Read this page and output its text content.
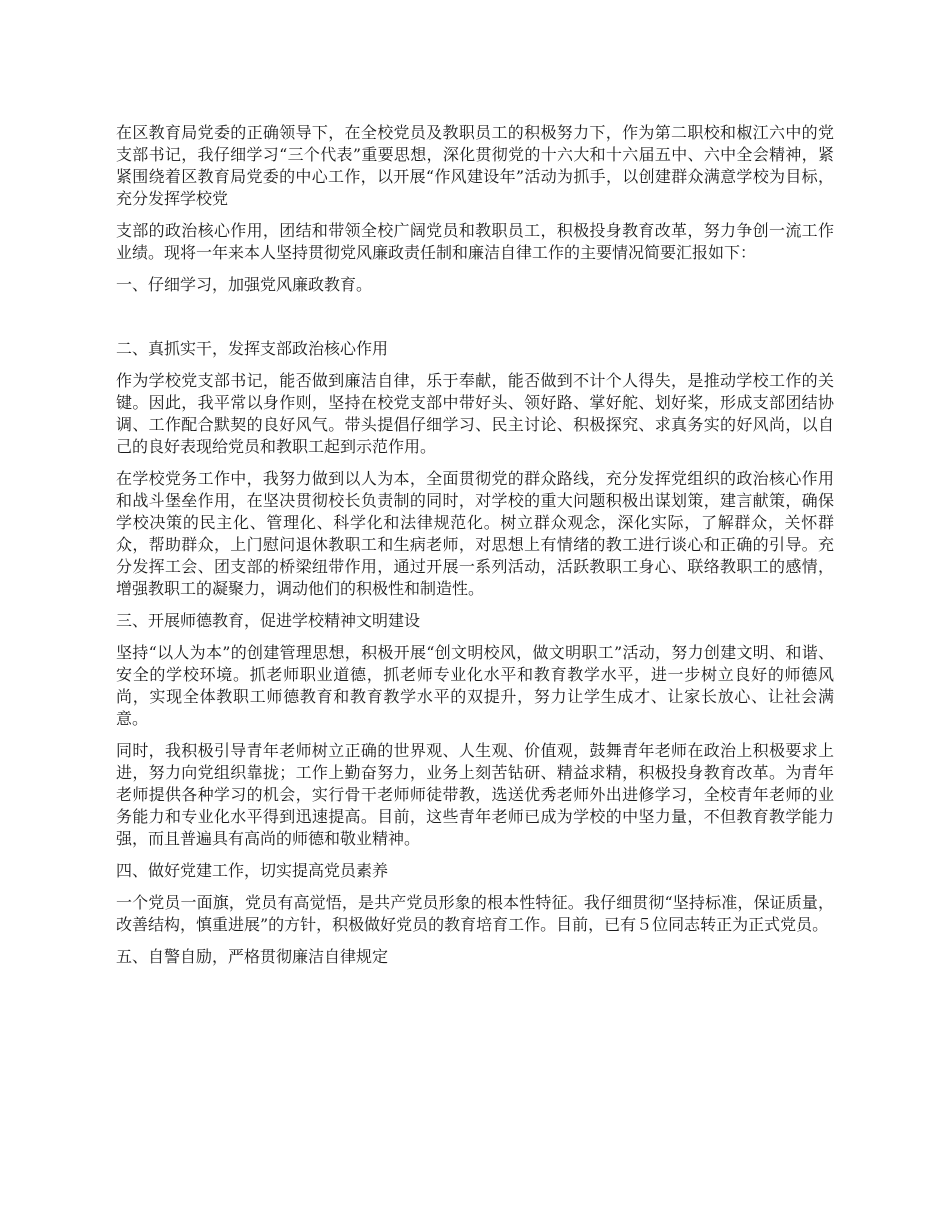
在区教育局党委的正确领导下，在全校党员及教职员工的积极努力下，作为第二职校和椒江六中的党支部书记，我仔细学习“三个代表”重要思想，深化贯彻党的十六大和十六届五中、六中全会精神，紧紧围绕着区教育局党委的中心工作，以开展“作风建设年”活动为抓手，以创建群众满意学校为目标，充分发挥学校党

支部的政治核心作用，团结和带领全校广阔党员和教职员工，积极投身教育改革，努力争创一流工作业绩。现将一年来本人坚持贯彻党风廉政责任制和廉洁自律工作的主要情况简要汇报如下：

一、仔细学习，加强党风廉政教育。

二、真抓实干，发挥支部政治核心作用

作为学校党支部书记，能否做到廉洁自律，乐于奉献，能否做到不计个人得失，是推动学校工作的关键。因此，我平常以身作则，坚持在校党支部中带好头、领好路、掌好舵、划好桨，形成支部团结协调、工作配合默契的良好风气。带头提倡仔细学习、民主讨论、积极探究、求真务实的好风尚，以自己的良好表现给党员和教职工起到示范作用。

在学校党务工作中，我努力做到以人为本，全面贯彻党的群众路线，充分发挥党组织的政治核心作用和战斗堡垒作用，在坚决贯彻校长负责制的同时，对学校的重大问题积极出谋划策，建言献策，确保学校决策的民主化、管理化、科学化和法律规范化。树立群众观念，深化实际，了解群众，关怀群众，帮助群众，上门慰问退休教职工和生病老师，对思想上有情绪的教工进行谈心和正确的引导。充分发挥工会、团支部的桥梁纽带作用，通过开展一系列活动，活跃教职工身心、联络教职工的感情，增强教职工的凝聚力，调动他们的积极性和制造性。

三、开展师德教育，促进学校精神文明建设

坚持“以人为本”的创建管理思想，积极开展“创文明校风，做文明职工”活动，努力创建文明、和谐、安全的学校环境。抓老师职业道德，抓老师专业化水平和教育教学水平，进一步树立良好的师德风尚，实现全体教职工师德教育和教育教学水平的双提升，努力让学生成才、让家长放心、让社会满意。

同时，我积极引导青年老师树立正确的世界观、人生观、价值观，鼓舞青年老师在政治上积极要求上进，努力向党组织靠拢；工作上勤奋努力，业务上刻苦钻研、精益求精，积极投身教育改革。为青年老师提供各种学习的机会，实行骨干老师师徒带教，选送优秀老师外出进修学习，全校青年老师的业务能力和专业化水平得到迅速提高。目前，这些青年老师已成为学校的中坚力量，不但教育教学能力强，而且普遍具有高尚的师德和敬业精神。

四、做好党建工作，切实提高党员素养

一个党员一面旗，党员有高觉悟，是共产党员形象的根本性特征。我仔细贯彻“坚持标准，保证质量，改善结构，慎重进展”的方针，积极做好党员的教育培育工作。目前，已有５位同志转正为正式党员。

五、自警自励，严格贯彻廉洁自律规定
